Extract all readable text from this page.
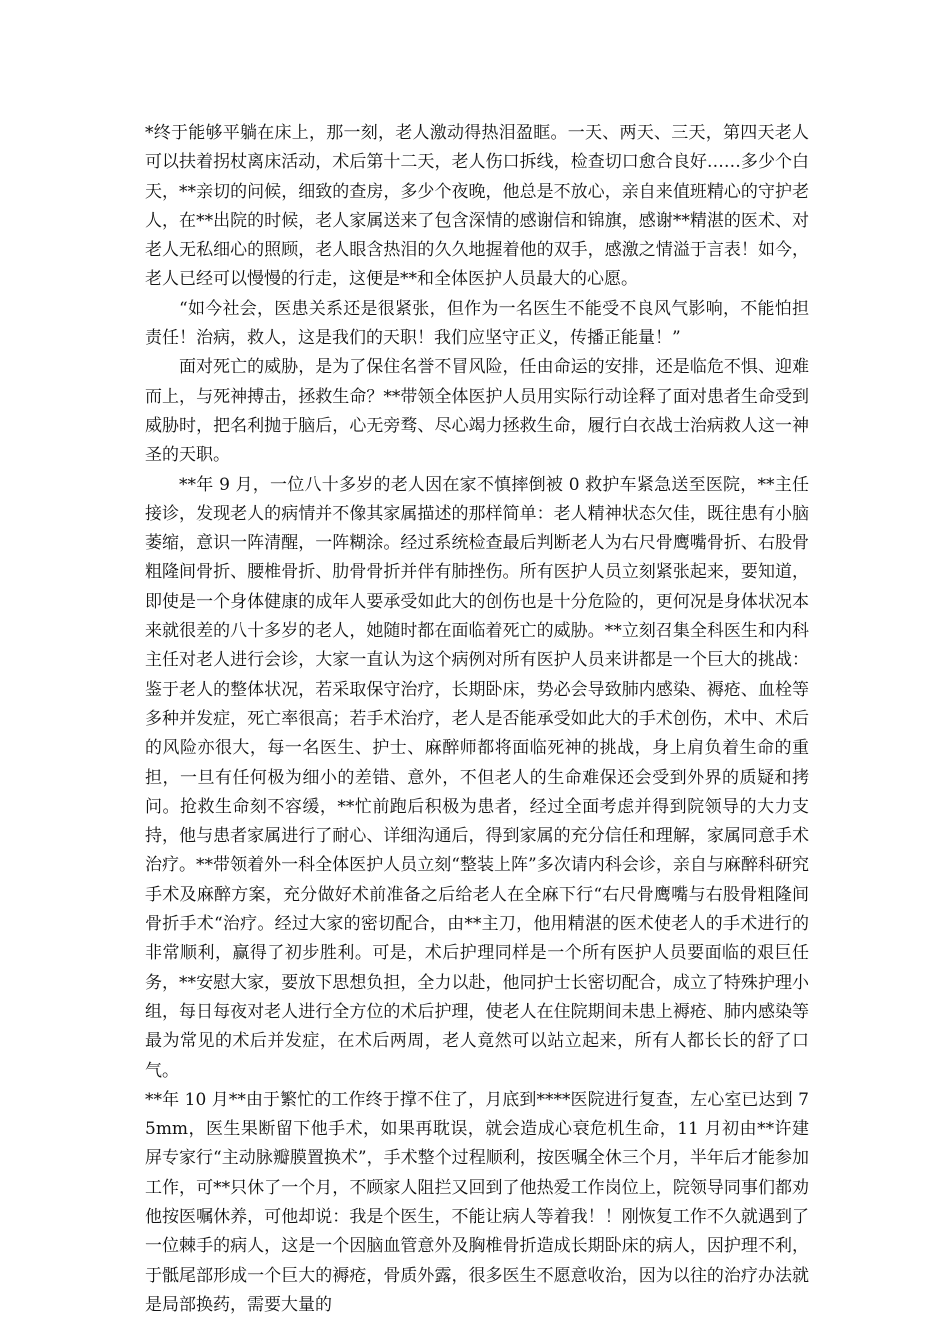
*终于能够平躺在床上，那一刻，老人激动得热泪盈眶。一天、两天、三天，第四天老人可以扶着拐杖离床活动，术后第十二天，老人伤口拆线，检查切口愈合良好……多少个白天，**亲切的问候，细致的查房，多少个夜晚，他总是不放心，亲自来值班精心的守护老人，在**出院的时候，老人家属送来了包含深情的感谢信和锦旗，感谢**精湛的医术、对老人无私细心的照顾，老人眼含热泪的久久地握着他的双手，感激之情溢于言表！如今，老人已经可以慢慢的行走，这便是**和全体医护人员最大的心愿。

“如今社会，医患关系还是很紧张，但作为一名医生不能受不良风气影响，不能怕担责任！治病，救人，这是我们的天职！我们应坚守正义，传播正能量！”

面对死亡的威胁，是为了保住名誉不冒风险，任由命运的安排，还是临危不惧、迎难而上，与死神搏击，拯救生命？**带领全体医护人员用实际行动诠释了面对患者生命受到威胁时，把名利抛于脑后，心无旁骛、尽心竭力拯救生命，履行白衣战士治病救人这一神圣的天职。

**年 9 月，一位八十多岁的老人因在家不慎摔倒被 0 救护车紧急送至医院，**主任接诊，发现老人的病情并不像其家属描述的那样简单：老人精神状态欠佳，既往患有小脑萎缩，意识一阵清醒，一阵糊涂。经过系统检查最后判断老人为右尺骨鹰嘴骨折、右股骨粗隆间骨折、腰椎骨折、肋骨骨折并伴有肺挫伤。所有医护人员立刻紧张起来，要知道，即使是一个身体健康的成年人要承受如此大的创伤也是十分危险的，更何况是身体状况本来就很差的八十多岁的老人，她随时都在面临着死亡的威胁。**立刻召集全科医生和内科主任对老人进行会诊，大家一直认为这个病例对所有医护人员来讲都是一个巨大的挑战：鉴于老人的整体状况，若采取保守治疗，长期卧床，势必会导致肺内感染、褥疮、血栓等多种并发症，死亡率很高；若手术治疗，老人是否能承受如此大的手术创伤，术中、术后的风险亦很大，每一名医生、护士、麻醉师都将面临死神的挑战，身上肩负着生命的重担，一旦有任何极为细小的差错、意外，不但老人的生命难保还会受到外界的质疑和拷问。抢救生命刻不容缓，**忙前跑后积极为患者，经过全面考虑并得到院领导的大力支持，他与患者家属进行了耐心、详细沟通后，得到家属的充分信任和理解，家属同意手术治疗。**带领着外一科全体医护人员立刻“整装上阵”多次请内科会诊，亲自与麻醉科研究手术及麻醉方案，充分做好术前准备之后给老人在全麻下行“右尺骨鹰嘴与右股骨粗隆间骨折手术“治疗。经过大家的密切配合，由**主刀，他用精湛的医术使老人的手术进行的非常顺利，赢得了初步胜利。可是，术后护理同样是一个所有医护人员要面临的艰巨任务，**安慰大家，要放下思想负担，全力以赴，他同护士长密切配合，成立了特殊护理小组，每日每夜对老人进行全方位的术后护理，使老人在住院期间未患上褥疮、肺内感染等最为常见的术后并发症，在术后两周，老人竟然可以站立起来，所有人都长长的舒了口气。

**年 10 月**由于繁忙的工作终于撑不住了，月底到****医院进行复查，左心室已达到 75mm，医生果断留下他手术，如果再耽误，就会造成心衰危机生命，11 月初由**许建屏专家行“主动脉瓣膜置换术”，手术整个过程顺利，按医嘱全休三个月，半年后才能参加工作，可**只休了一个月，不顾家人阻拦又回到了他热爱工作岗位上，院领导同事们都劝他按医嘱休养，可他却说：我是个医生，不能让病人等着我！！刚恢复工作不久就遇到了一位棘手的病人，这是一个因脑血管意外及胸椎骨折造成长期卧床的病人，因护理不利，于骶尾部形成一个巨大的褥疮，骨质外露，很多医生不愿意收治，因为以往的治疗办法就是局部换药，需要大量的
